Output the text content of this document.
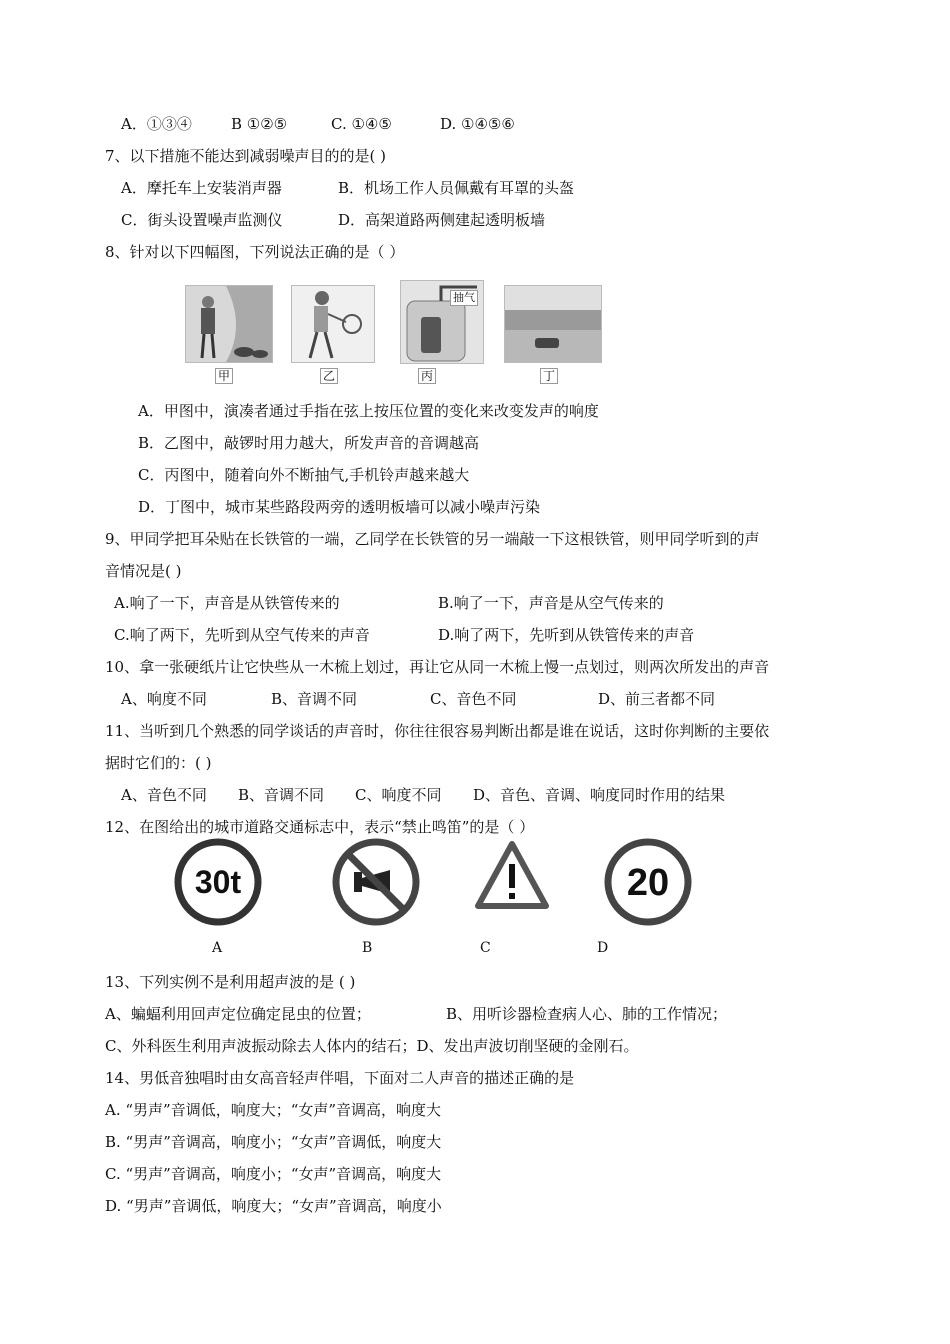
A．①③④	B ①②⑤	C. ①④⑤	D. ①④⑤⑥
7、以下措施不能达到减弱噪声目的的是( )
A．摩托车上安装消声器	B．机场工作人员佩戴有耳罩的头盔
C．街头设置噪声监测仪	D．高架道路两侧建起透明板墙
8、针对以下四幅图，下列说法正确的是（ ）
甲	乙
抽气
丙	丁
A．甲图中，演凑者通过手指在弦上按压位置的变化来改变发声的响度
B．乙图中，敲锣时用力越大，所发声音的音调越高
C．丙图中，随着向外不断抽气,手机铃声越来越大
D．丁图中，城市某些路段两旁的透明板墙可以减小噪声污染
9、甲同学把耳朵贴在长铁管的一端，乙同学在长铁管的另一端敲一下这根铁管，则甲同学听到的声
音情况是( )
A.响了一下，声音是从铁管传来的	B.响了一下，声音是从空气传来的
C.响了两下，先听到从空气传来的声音	D.响了两下，先听到从铁管传来的声音
10、拿一张硬纸片让它快些从一木梳上划过，再让它从同一木梳上慢一点划过，则两次所发出的声音
A、响度不同	B、音调不同	C、音色不同	D、前三者都不同
11、当听到几个熟悉的同学谈话的声音时，你往往很容易判断出都是谁在说话，这时你判断的主要依
据时它们的：( )
A、音色不同 B、音调不同 C、响度不同 D、音色、音调、响度同时作用的结果
12、在图给出的城市道路交通标志中，表示“禁止鸣笛”的是（ ）
30t	20
A	B	C	D
13、下列实例不是利用超声波的是 ( )
A、蝙蝠利用回声定位确定昆虫的位置；	B、用听诊器检查病人心、肺的工作情况；
C、外科医生利用声波振动除去人体内的结石；D、发出声波切削坚硬的金刚石。
14、男低音独唱时由女高音轻声伴唱，下面对二人声音的描述正确的是
A. “男声”音调低，响度大；“女声”音调高，响度大
B. “男声”音调高，响度小；“女声”音调低，响度大
C. “男声”音调高，响度小；“女声”音调高，响度大
D. “男声”音调低，响度大；“女声”音调高，响度小
